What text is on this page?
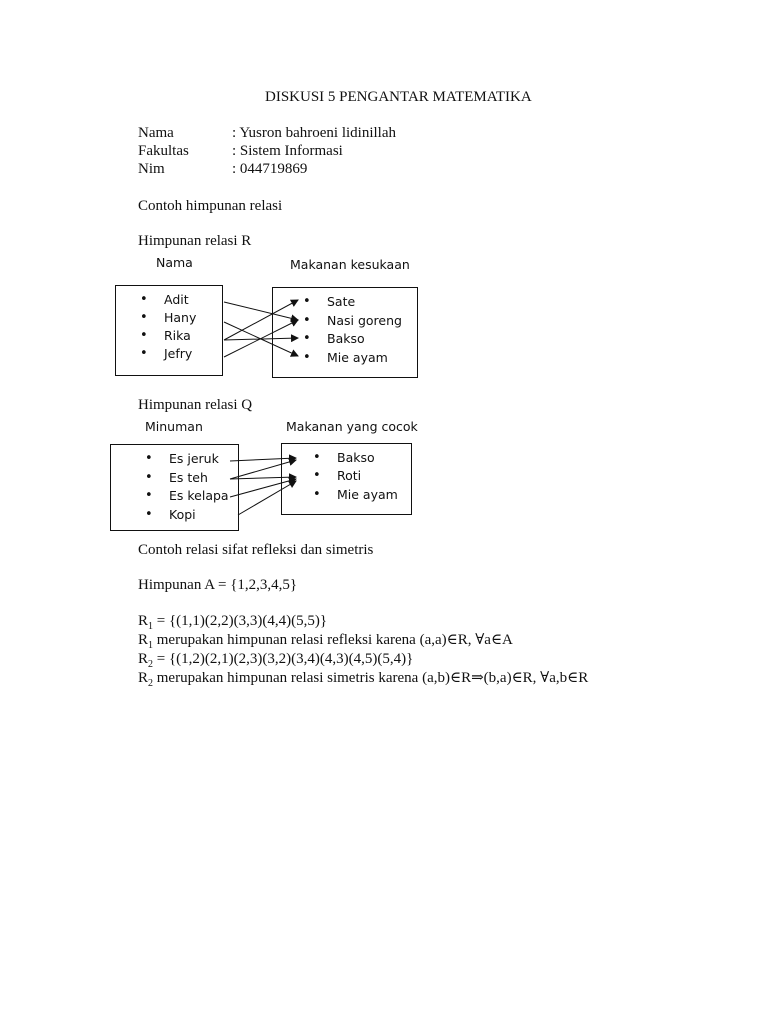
DISKUSI 5 PENGANTAR MATEMATIKA
Nama	: Yusron bahroeni lidinillah
Fakultas	: Sistem Informasi
Nim	: 044719869
Contoh himpunan relasi
Himpunan relasi R
Nama	Makanan kesukaan
• Adit
• Hany
• Rika
• Jefry
• Sate
• Nasi goreng
• Bakso
• Mie ayam
Himpunan relasi Q
Minuman	Makanan yang cocok
• Es jeruk
• Es teh
• Es kelapa
• Kopi
• Bakso
• Roti
• Mie ayam
Contoh relasi sifat refleksi dan simetris
Himpunan A = {1,2,3,4,5}
$R_1 = \{(1,1)(2,2)(3,3)(4,4)(5,5)\}$
$R_1$ merupakan himpunan relasi refleksi karena (a,a)∈R, ∀a∈A
$R_2 = \{(1,2)(2,1)(2,3)(3,2)(3,4)(4,3)(4,5)(5,4)\}$
$R_2$ merupakan himpunan relasi simetris karena (a,b)∈R⇒(b,a)∈R, ∀a,b∈R
